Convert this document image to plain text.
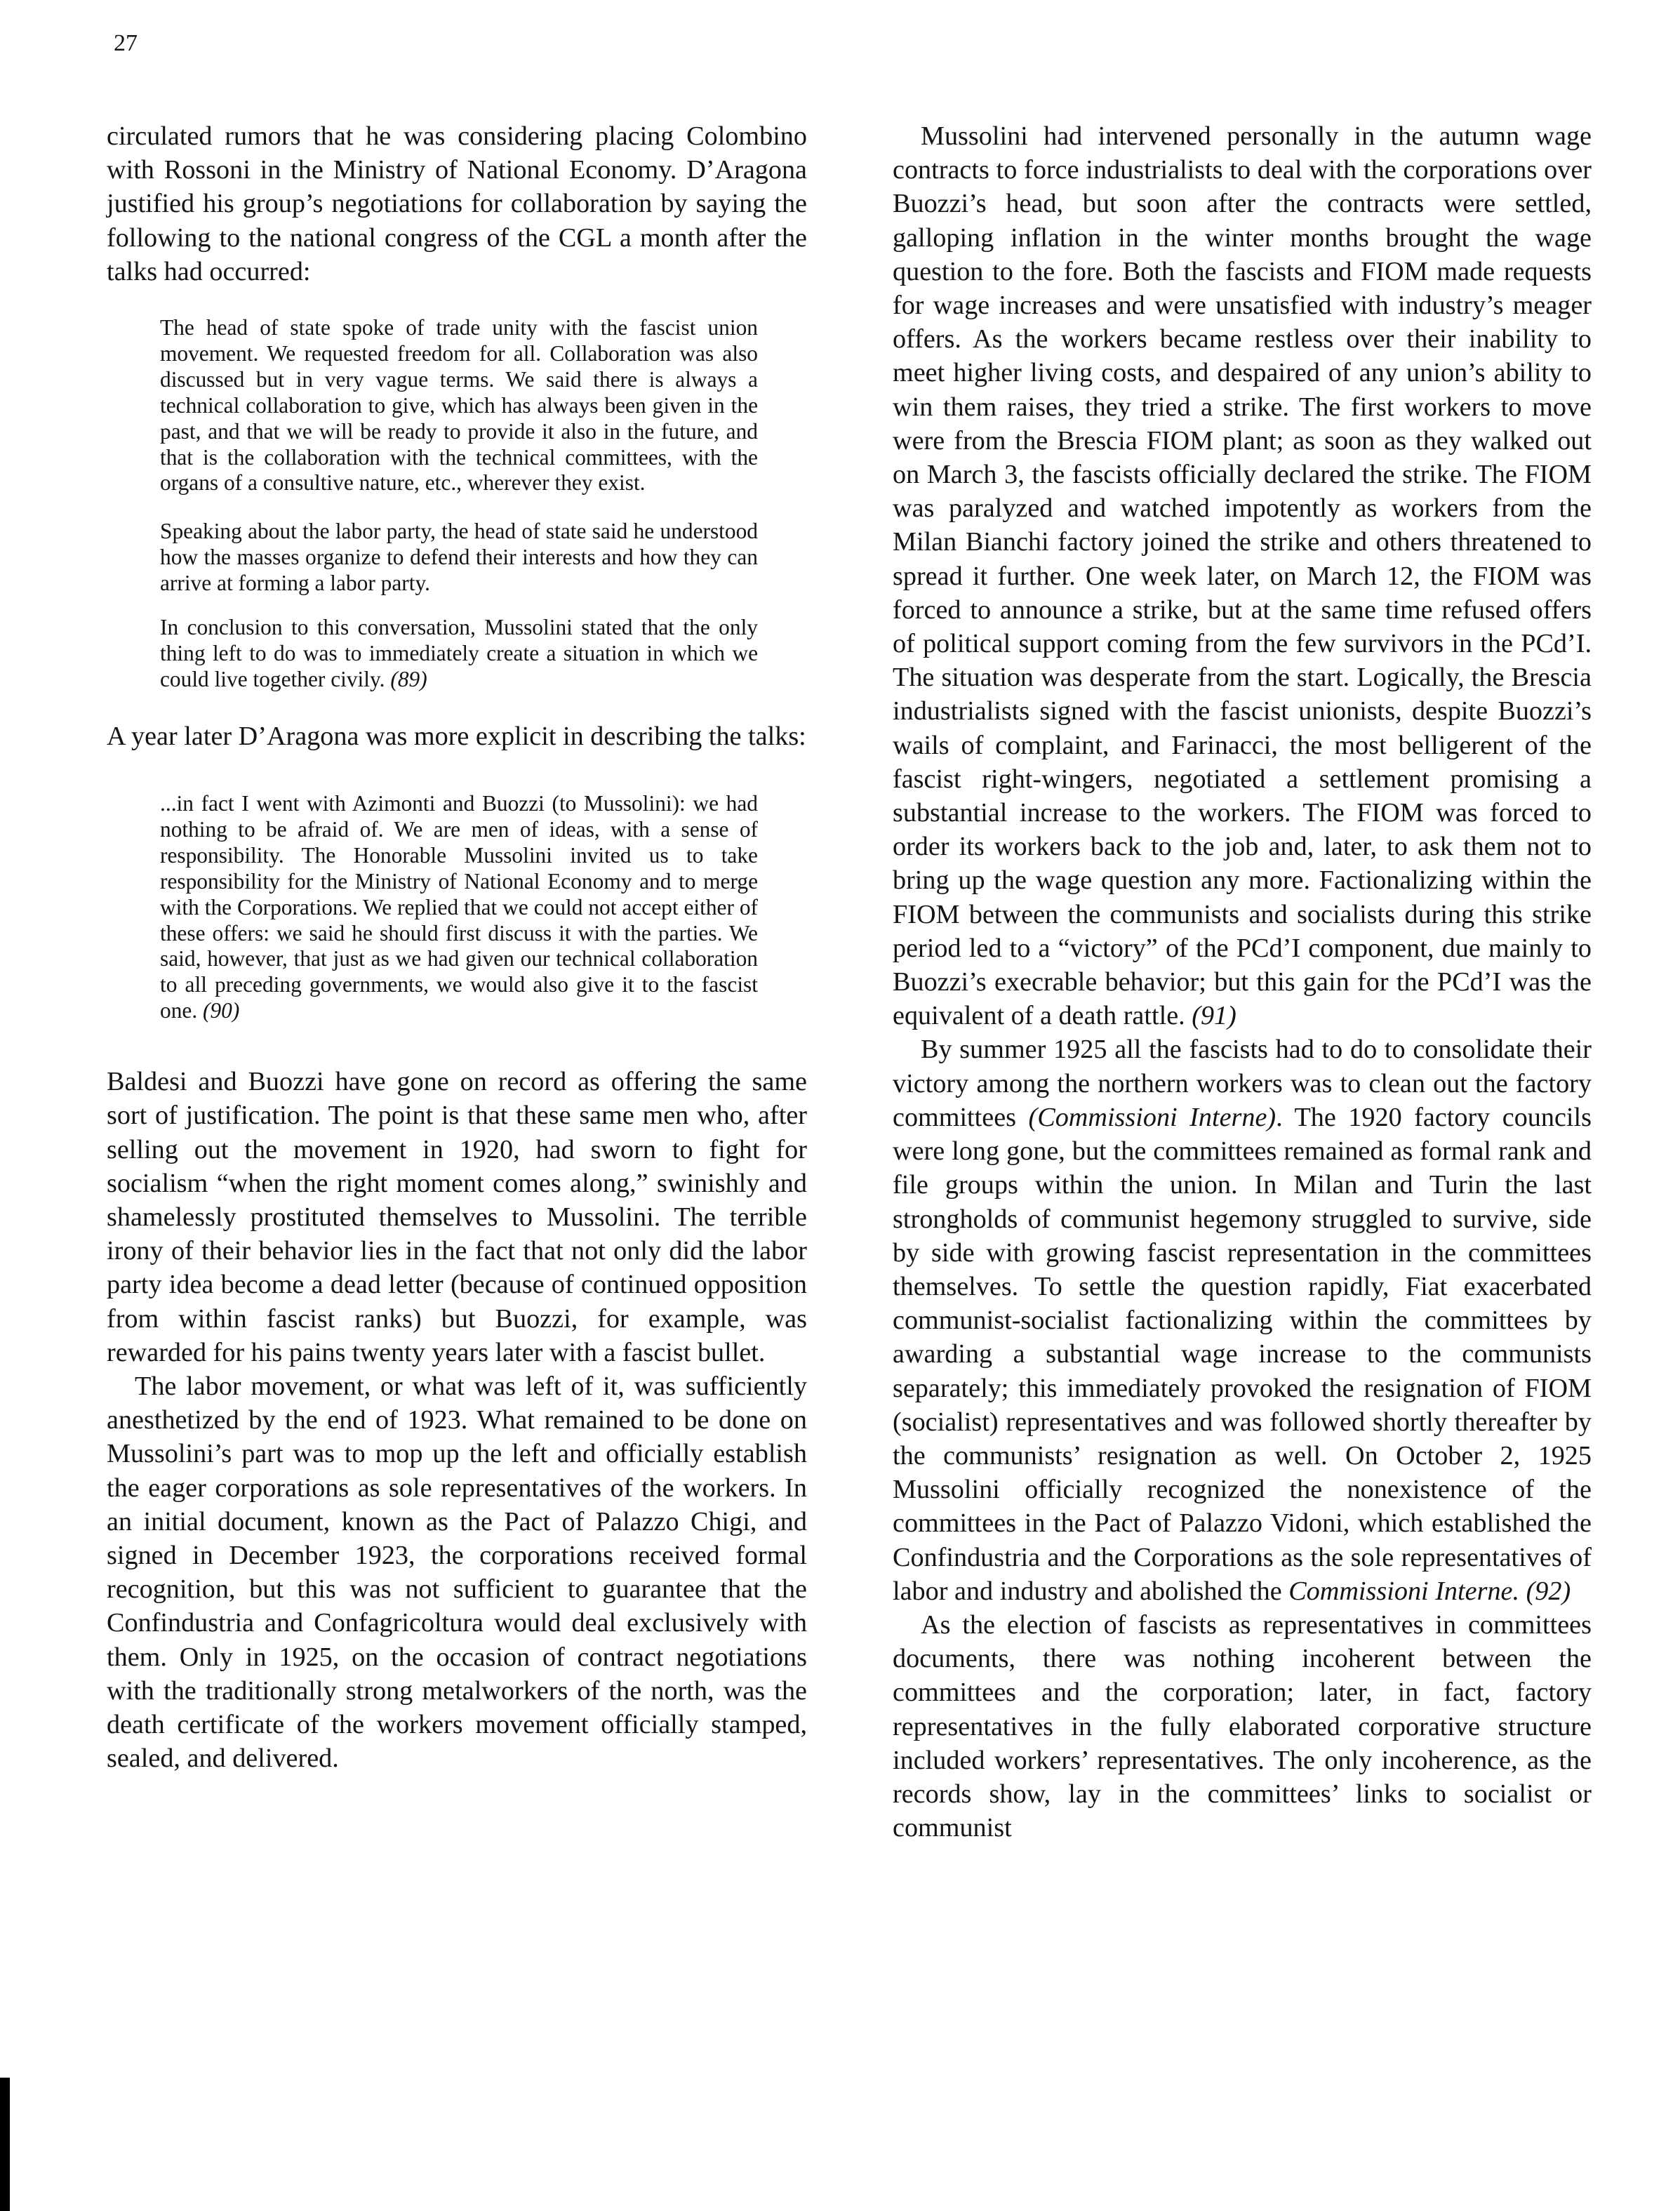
27

circulated rumors that he was considering placing Colombino with Rossoni in the Ministry of National Economy. D’Aragona justified his group’s negotiations for collaboration by saying the following to the national congress of the CGL a month after the talks had occurred:

The head of state spoke of trade unity with the fascist union movement. We requested freedom for all. Collaboration was also discussed but in very vague terms. We said there is always a technical collaboration to give, which has always been given in the past, and that we will be ready to provide it also in the future, and that is the collaboration with the technical committees, with the organs of a consultive nature, etc., wherever they exist.

Speaking about the labor party, the head of state said he understood how the masses organize to defend their interests and how they can arrive at forming a labor party.

In conclusion to this conversation, Mussolini stated that the only thing left to do was to immediately create a situation in which we could live together civily. (89)

A year later D’Aragona was more explicit in describing the talks:

...in fact I went with Azimonti and Buozzi (to Mussolini): we had nothing to be afraid of. We are men of ideas, with a sense of responsibility. The Honorable Mussolini invited us to take responsibility for the Ministry of National Economy and to merge with the Corporations. We replied that we could not accept either of these offers: we said he should first discuss it with the parties. We said, however, that just as we had given our technical collaboration to all preceding governments, we would also give it to the fascist one. (90)

Baldesi and Buozzi have gone on record as offering the same sort of justification. The point is that these same men who, after selling out the movement in 1920, had sworn to fight for socialism “when the right moment comes along,” swinishly and shamelessly prostituted themselves to Mussolini. The terrible irony of their behavior lies in the fact that not only did the labor party idea become a dead letter (because of continued opposition from within fascist ranks) but Buozzi, for example, was rewarded for his pains twenty years later with a fascist bullet.

The labor movement, or what was left of it, was sufficiently anesthetized by the end of 1923. What remained to be done on Mussolini’s part was to mop up the left and officially establish the eager corporations as sole representatives of the workers. In an initial document, known as the Pact of Palazzo Chigi, and signed in December 1923, the corporations received formal recognition, but this was not sufficient to guarantee that the Confindustria and Confagricoltura would deal exclusively with them. Only in 1925, on the occasion of contract negotiations with the traditionally strong metalworkers of the north, was the death certificate of the workers movement officially stamped, sealed, and delivered.

Mussolini had intervened personally in the autumn wage contracts to force industrialists to deal with the corporations over Buozzi’s head, but soon after the contracts were settled, galloping inflation in the winter months brought the wage question to the fore. Both the fascists and FIOM made requests for wage increases and were unsatisfied with industry’s meager offers. As the workers became restless over their inability to meet higher living costs, and despaired of any union’s ability to win them raises, they tried a strike. The first workers to move were from the Brescia FIOM plant; as soon as they walked out on March 3, the fascists officially declared the strike. The FIOM was paralyzed and watched impotently as workers from the Milan Bianchi factory joined the strike and others threatened to spread it further. One week later, on March 12, the FIOM was forced to announce a strike, but at the same time refused offers of political support coming from the few survivors in the PCd’I. The situation was desperate from the start. Logically, the Brescia industrialists signed with the fascist unionists, despite Buozzi’s wails of complaint, and Farinacci, the most belligerent of the fascist right-wingers, negotiated a settlement promising a substantial increase to the workers. The FIOM was forced to order its workers back to the job and, later, to ask them not to bring up the wage question any more. Factionalizing within the FIOM between the communists and socialists during this strike period led to a “victory” of the PCd’I component, due mainly to Buozzi’s execrable behavior; but this gain for the PCd’I was the equivalent of a death rattle. (91)

By summer 1925 all the fascists had to do to consolidate their victory among the northern workers was to clean out the factory committees (Commissioni Interne). The 1920 factory councils were long gone, but the committees remained as formal rank and file groups within the union. In Milan and Turin the last strongholds of communist hegemony struggled to survive, side by side with growing fascist representation in the committees themselves. To settle the question rapidly, Fiat exacerbated communist-socialist factionalizing within the committees by awarding a substantial wage increase to the communists separately; this immediately provoked the resignation of FIOM (socialist) representatives and was followed shortly thereafter by the communists’ resignation as well. On October 2, 1925 Mussolini officially recognized the nonexistence of the committees in the Pact of Palazzo Vidoni, which established the Confindustria and the Corporations as the sole representatives of labor and industry and abolished the Commissioni Interne. (92)

As the election of fascists as representatives in committees documents, there was nothing incoherent between the committees and the corporation; later, in fact, factory representatives in the fully elaborated corporative structure included workers’ representatives. The only incoherence, as the records show, lay in the committees’ links to socialist or communist
